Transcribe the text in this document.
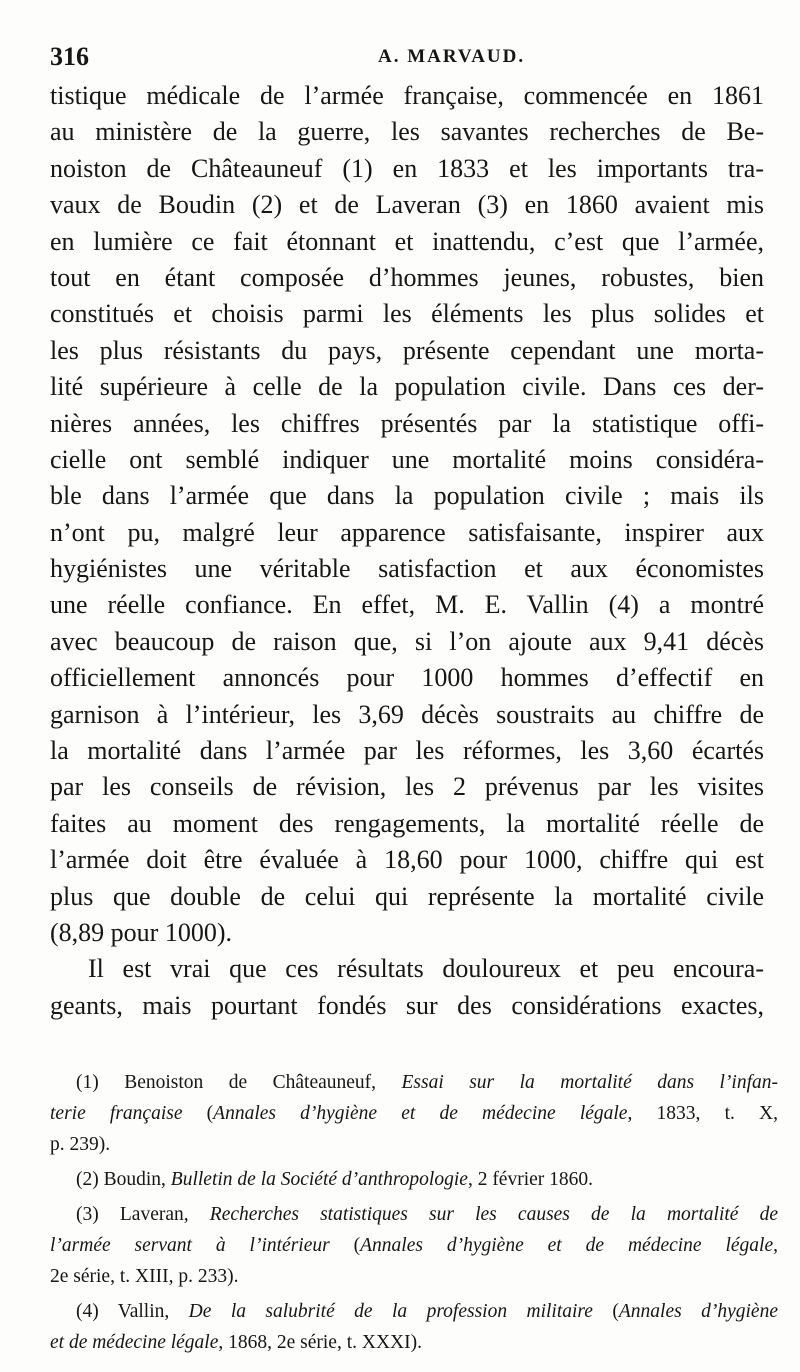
316	A. MARVAUD.
tistique médicale de l’armée française, commencée en 1861
au ministère de la guerre, les savantes recherches de Be-
noiston de Châteauneuf (1) en 1833 et les importants tra-
vaux de Boudin (2) et de Laveran (3) en 1860 avaient mis
en lumière ce fait étonnant et inattendu, c’est que l’armée,
tout en étant composée d’hommes jeunes, robustes, bien
constitués et choisis parmi les éléments les plus solides et
les plus résistants du pays, présente cependant une morta-
lité supérieure à celle de la population civile. Dans ces der-
nières années, les chiffres présentés par la statistique offi-
cielle ont semblé indiquer une mortalité moins considéra-
ble dans l’armée que dans la population civile ; mais ils
n’ont pu, malgré leur apparence satisfaisante, inspirer aux
hygiénistes une véritable satisfaction et aux économistes
une réelle confiance. En effet, M. E. Vallin (4) a montré
avec beaucoup de raison que, si l’on ajoute aux 9,41 décès
officiellement annoncés pour 1000 hommes d’effectif en
garnison à l’intérieur, les 3,69 décès soustraits au chiffre de
la mortalité dans l’armée par les réformes, les 3,60 écartés
par les conseils de révision, les 2 prévenus par les visites
faites au moment des rengagements, la mortalité réelle de
l’armée doit être évaluée à 18,60 pour 1000, chiffre qui est
plus que double de celui qui représente la mortalité civile
(8,89 pour 1000).
Il est vrai que ces résultats douloureux et peu encoura-
geants, mais pourtant fondés sur des considérations exactes,
(1) Benoiston de Châteauneuf, Essai sur la mortalité dans l’infan-
terie française (Annales d’hygiène et de médecine légale, 1833, t. X,
p. 239).
(2) Boudin, Bulletin de la Société d’anthropologie, 2 février 1860.
(3) Laveran, Recherches statistiques sur les causes de la mortalité de
l’armée servant à l’intérieur (Annales d’hygiène et de médecine légale,
2e série, t. XIII, p. 233).
(4) Vallin, De la salubrité de la profession militaire (Annales d’hygiène
et de médecine légale, 1868, 2e série, t. XXXI).
